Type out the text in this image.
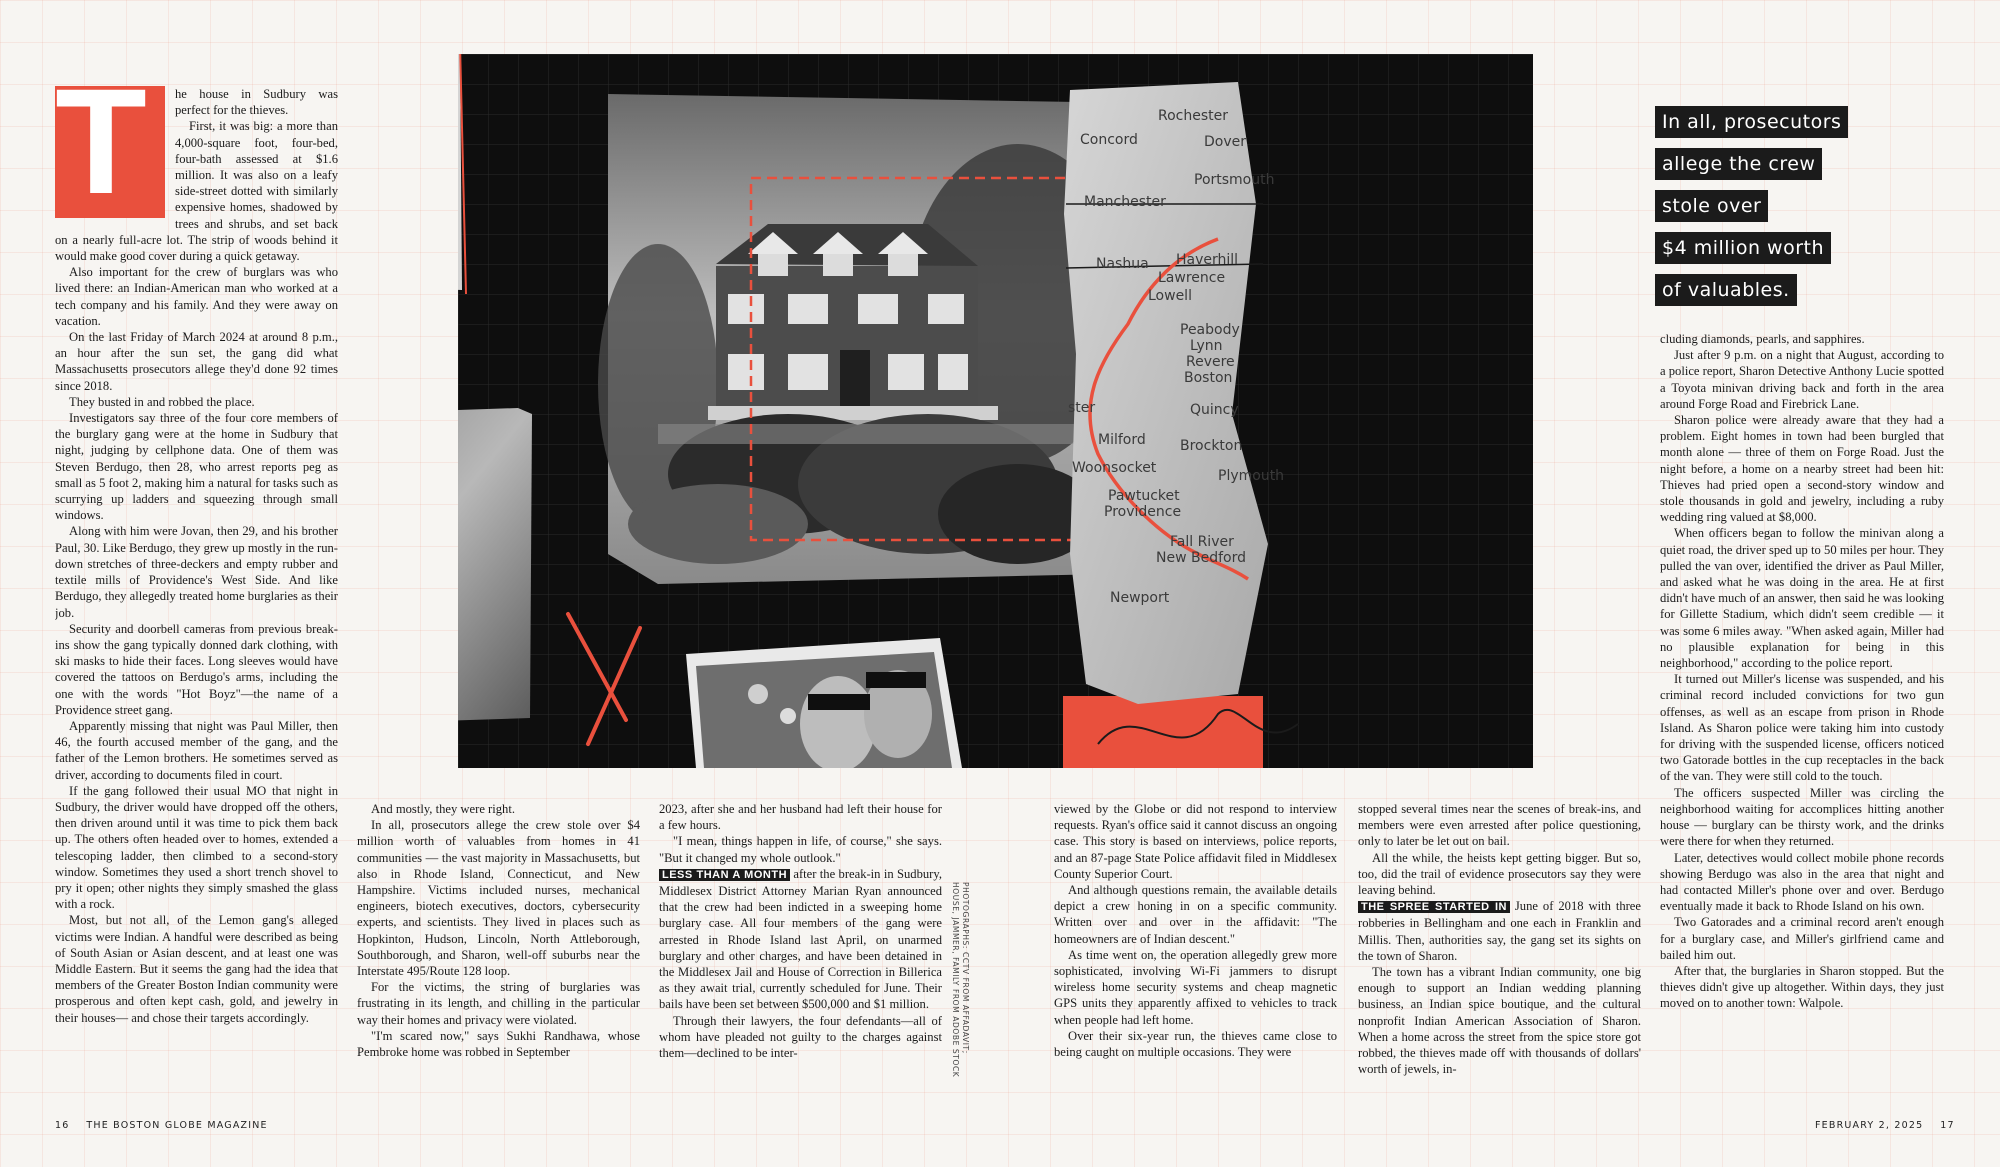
T	he house in Sudbury was perfect for the thieves.

First, it was big: a more than 4,000-square foot, four-bed, four-bath assessed at $1.6 million. It was also on a leafy side-street dotted with similarly expensive homes, shadowed by trees and shrubs, and set back on a nearly full-acre lot. The strip of woods behind it would make good cover during a quick getaway.

Also important for the crew of burglars was who lived there: an Indian-American man who worked at a tech company and his family. And they were away on vacation.

On the last Friday of March 2024 at around 8 p.m., an hour after the sun set, the gang did what Massachusetts prosecutors allege they'd done 92 times since 2018.

They busted in and robbed the place.

Investigators say three of the four core members of the burglary gang were at the home in Sudbury that night, judging by cellphone data. One of them was Steven Berdugo, then 28, who arrest reports peg as small as 5 foot 2, making him a natural for tasks such as scurrying up ladders and squeezing through small windows.

Along with him were Jovan, then 29, and his brother Paul, 30. Like Berdugo, they grew up mostly in the run-down stretches of three-deckers and empty rubber and textile mills of Providence's West Side. And like Berdugo, they allegedly treated home burglaries as their job.

Security and doorbell cameras from previous break-ins show the gang typically donned dark clothing, with ski masks to hide their faces. Long sleeves would have covered the tattoos on Berdugo's arms, including the one with the words "Hot Boyz"—the name of a Providence street gang.

Apparently missing that night was Paul Miller, then 46, the fourth accused member of the gang, and the father of the Lemon brothers. He sometimes served as driver, according to documents filed in court.

If the gang followed their usual MO that night in Sudbury, the driver would have dropped off the others, then driven around until it was time to pick them back up. The others often headed over to homes, extended a telescoping ladder, then climbed to a second-story window. Sometimes they used a short trench shovel to pry it open; other nights they simply smashed the glass with a rock.

Most, but not all, of the Lemon gang's alleged victims were Indian. A handful were described as being of South Asian or Asian descent, and at least one was Middle Eastern. But it seems the gang had the idea that members of the Greater Boston Indian community were prosperous and often kept cash, gold, and jewelry in their houses— and chose their targets accordingly.

Rochester
Dover
Concord
Portsmouth
Manchester
Haverhill
Nashua
Lawrence
Lowell
Peabody
Lynn
Revere
Boston
Quincy
ster
Milford Brockton
Woonsocket	Plymouth
Pawtucket
Providence
Fall River
New Bedford
Newport
In all, prosecutors
allege the crew
stole over
$4 million worth
of valuables.

And mostly, they were right.

In all, prosecutors allege the crew stole over $4 million worth of valuables from homes in 41 communities — the vast majority in Massachusetts, but also in Rhode Island, Connecticut, and New Hampshire. Victims included nurses, mechanical engineers, biotech executives, doctors, cybersecurity experts, and scientists. They lived in places such as Hopkinton, Hudson, Lincoln, North Attleborough, Southborough, and Sharon, well-off suburbs near the Interstate 495/Route 128 loop.

For the victims, the string of burglaries was frustrating in its length, and chilling in the particular way their homes and privacy were violated.

"I'm scared now," says Sukhi Randhawa, whose Pembroke home was robbed in September

2023, after she and her husband had left their house for a few hours.

"I mean, things happen in life, of course," she says. "But it changed my whole outlook."

LESS THAN A MONTH after the break-in in Sudbury, Middlesex District Attorney Marian Ryan announced that the crew had been indicted in a sweeping home burglary case. All four members of the gang were arrested in Rhode Island last April, on unarmed burglary and other charges, and have been detained in the Middlesex Jail and House of Correction in Billerica as they await trial, currently scheduled for June. Their bails have been set between $500,000 and $1 million.

Through their lawyers, the four defendants—all of whom have pleaded not guilty to the charges against them—declined to be inter-	PHOTOGRAPHS: CCTV FROM AFFADAVIT; HOUSE, JAMMER, FAMILY FROM ADOBE STOCK

viewed by the Globe or did not respond to interview requests. Ryan's office said it cannot discuss an ongoing case. This story is based on interviews, police reports, and an 87-page State Police affidavit filed in Middlesex County Superior Court.

And although questions remain, the available details depict a crew honing in on a specific community. Written over and over in the affidavit: "The homeowners are of Indian descent."

As time went on, the operation allegedly grew more sophisticated, involving Wi-Fi jammers to disrupt wireless home security systems and cheap magnetic GPS units they apparently affixed to vehicles to track when people had left home.

Over their six-year run, the thieves came close to being caught on multiple occasions. They were

stopped several times near the scenes of break-ins, and members were even arrested after police questioning, only to later be let out on bail.

All the while, the heists kept getting bigger. But so, too, did the trail of evidence prosecutors say they were leaving behind.

THE SPREE STARTED IN June of 2018 with three robberies in Bellingham and one each in Franklin and Millis. Then, authorities say, the gang set its sights on the town of Sharon.

The town has a vibrant Indian community, one big enough to support an Indian wedding planning business, an Indian spice boutique, and the cultural nonprofit Indian American Association of Sharon. When a home across the street from the spice store got robbed, the thieves made off with thousands of dollars' worth of jewels, in-

cluding diamonds, pearls, and sapphires.

Just after 9 p.m. on a night that August, according to a police report, Sharon Detective Anthony Lucie spotted a Toyota minivan driving back and forth in the area around Forge Road and Firebrick Lane.

Sharon police were already aware that they had a problem. Eight homes in town had been burgled that month alone — three of them on Forge Road. Just the night before, a home on a nearby street had been hit: Thieves had pried open a second-story window and stole thousands in gold and jewelry, including a ruby wedding ring valued at $8,000.

When officers began to follow the minivan along a quiet road, the driver sped up to 50 miles per hour. They pulled the van over, identified the driver as Paul Miller, and asked what he was doing in the area. He at first didn't have much of an answer, then said he was looking for Gillette Stadium, which didn't seem credible — it was some 6 miles away. "When asked again, Miller had no plausible explanation for being in this neighborhood," according to the police report.

It turned out Miller's license was suspended, and his criminal record included convictions for two gun offenses, as well as an escape from prison in Rhode Island. As Sharon police were taking him into custody for driving with the suspended license, officers noticed two Gatorade bottles in the cup receptacles in the back of the van. They were still cold to the touch.

The officers suspected Miller was circling the neighborhood waiting for accomplices hitting another house — burglary can be thirsty work, and the drinks were there for when they returned.

Later, detectives would collect mobile phone records showing Berdugo was also in the area that night and had contacted Miller's phone over and over. Berdugo eventually made it back to Rhode Island on his own.

Two Gatorades and a criminal record aren't enough for a burglary case, and Miller's girlfriend came and bailed him out.

After that, the burglaries in Sharon stopped. But the thieves didn't give up altogether. Within days, they just moved on to another town: Walpole.

16 THE BOSTON GLOBE MAGAZINE	FEBRUARY 2, 2025 17
